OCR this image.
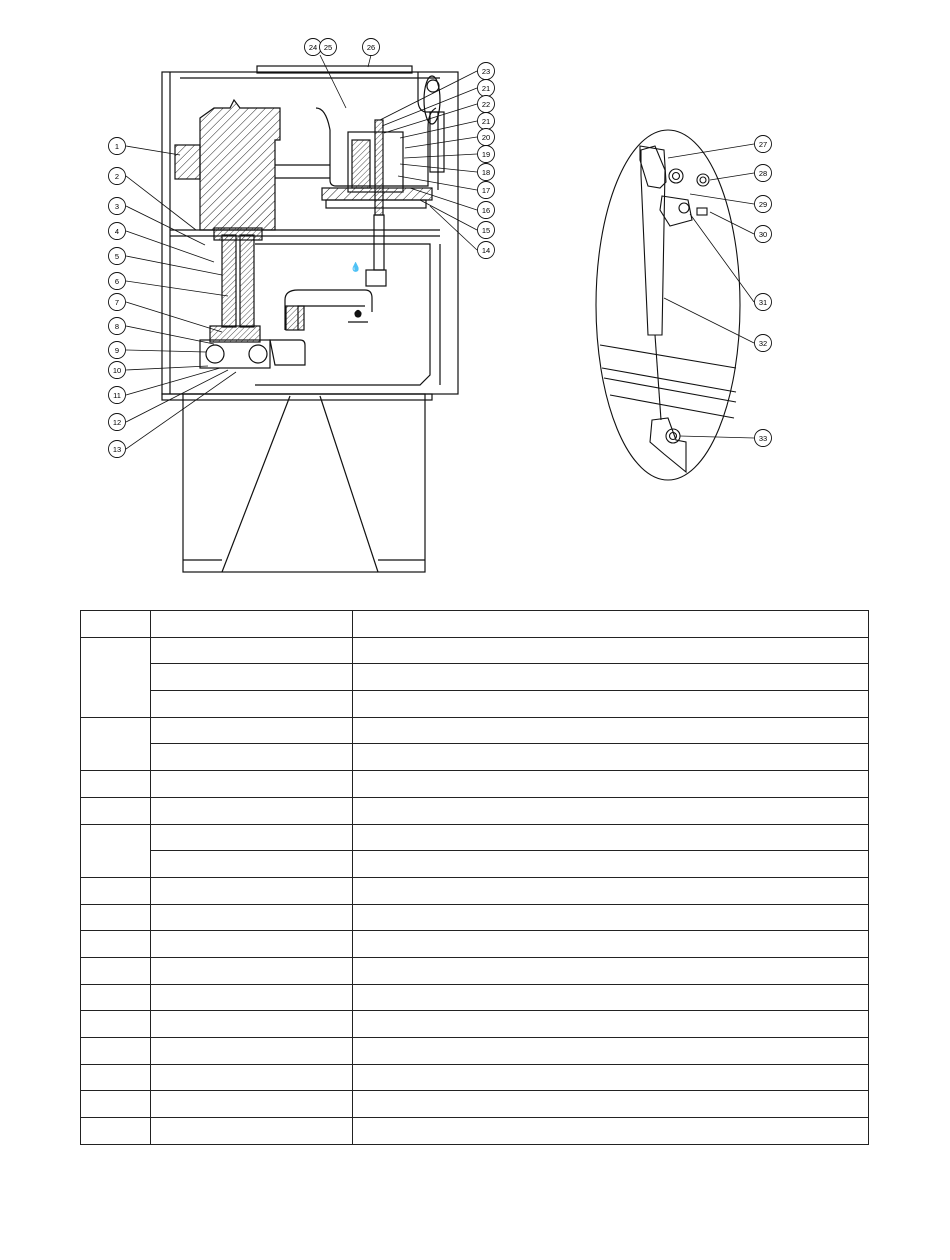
💧
1
2
3
4
5
6
7
8
9
10
11
12
13
23
21
22
21
20
19
18
17
16
15
14
24 25	26
27
28
29
30
31
32
33
